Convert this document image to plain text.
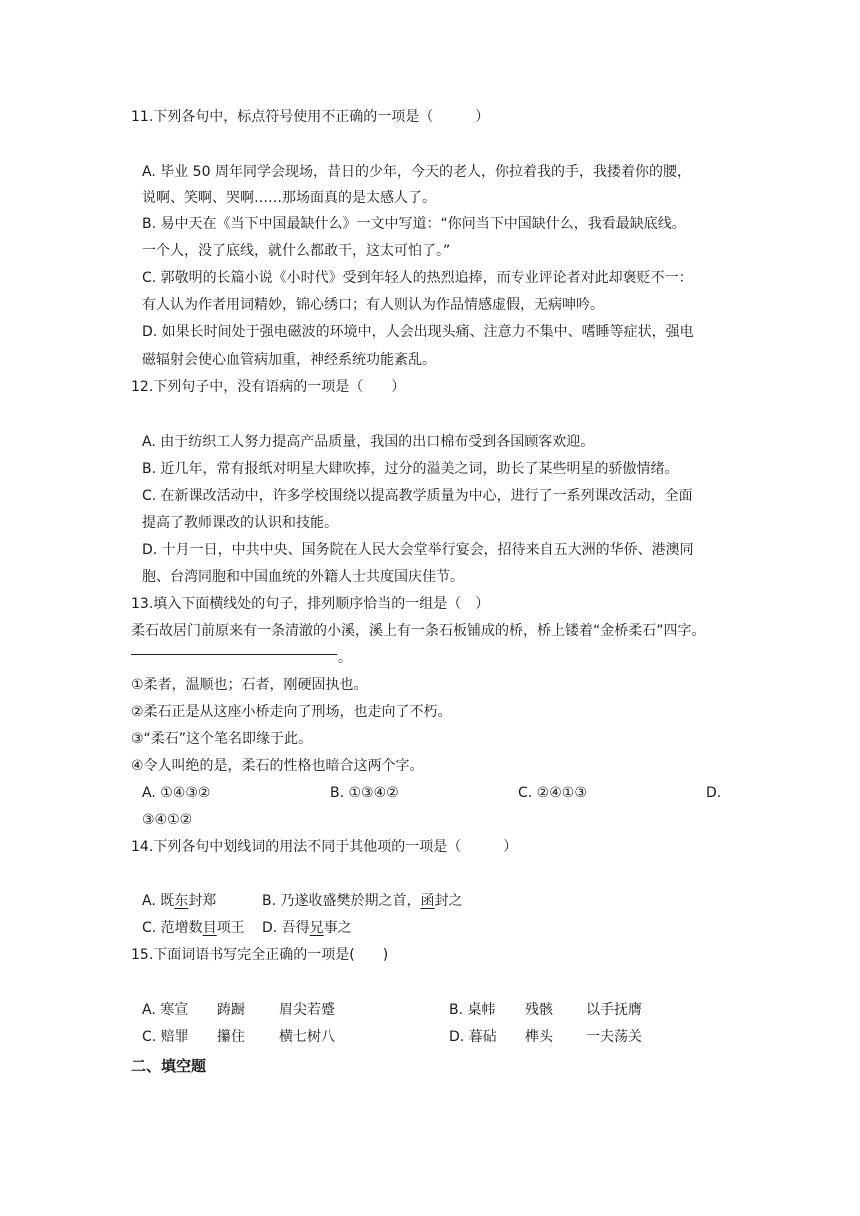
11.下列各句中，标点符号使用不正确的一项是（　　　）
A. 毕业 50 周年同学会现场，昔日的少年，今天的老人，你拉着我的手，我搂着你的腰，
说啊、笑啊、哭啊……那场面真的是太感人了。
B. 易中天在《当下中国最缺什么》一文中写道：“你问当下中国缺什么，我看最缺底线。
一个人，没了底线，就什么都敢干，这太可怕了。”
C. 郭敬明的长篇小说《小时代》受到年轻人的热烈追捧，而专业评论者对此却褒贬不一：
有人认为作者用词精妙，锦心绣口；有人则认为作品情感虚假，无病呻吟。
D. 如果长时间处于强电磁波的环境中，人会出现头痛、注意力不集中、嗜睡等症状，强电
磁辐射会使心血管病加重，神经系统功能紊乱。
12.下列句子中，没有语病的一项是（　　）
A. 由于纺织工人努力提高产品质量，我国的出口棉布受到各国顾客欢迎。
B. 近几年，常有报纸对明星大肆吹捧，过分的溢美之词，助长了某些明星的骄傲情绪。
C. 在新课改活动中，许多学校围绕以提高教学质量为中心，进行了一系列课改活动，全面
提高了教师课改的认识和技能。
D. 十月一日，中共中央、国务院在人民大会堂举行宴会，招待来自五大洲的华侨、港澳同
胞、台湾同胞和中国血统的外籍人士共度国庆佳节。
13.填入下面横线处的句子，排列顺序恰当的一组是（　）
柔石故居门前原来有一条清澈的小溪，溪上有一条石板铺成的桥，桥上镂着“金桥柔石”四字。
。
①柔者，温顺也；石者，刚硬固执也。
②柔石正是从这座小桥走向了刑场，也走向了不朽。
③“柔石”这个笔名即缘于此。
④令人叫绝的是，柔石的性格也暗合这两个字。
A. ①④③②	B. ①③④②	C. ②④①③	D.
③④①②
14.下列各句中划线词的用法不同于其他项的一项是（　　　）
A. 既东封郑	B. 乃遂收盛樊於期之首，函封之
C. 范增数目项王 D. 吾得兄事之
15.下面词语书写完全正确的一项是(　　)
A. 寒宣 踌蹰 眉尖若蹙	B. 桌帏 残骸 以手抚膺
C. 赔罪 攥住 横七树八	D. 暮砧 榫头 一夫荡关
二、填空题
